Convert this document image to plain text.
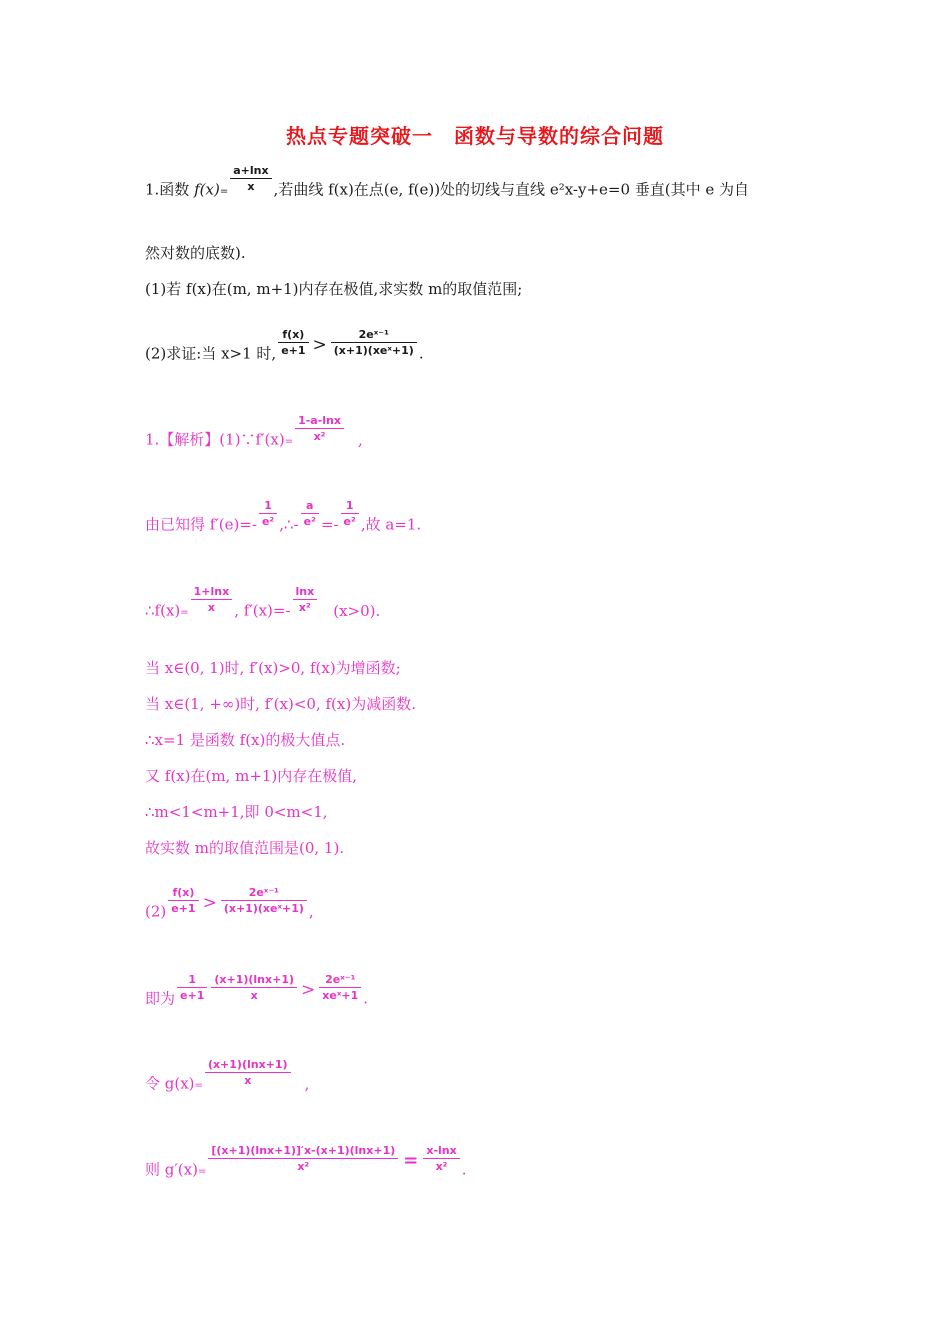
热点专题突破一　函数与导数的综合问题
1.函数 $f(x)= \frac{a+\ln x}{x}$ ,若曲线 f(x)在点(e, f(e))处的切线与直线 e²x-y+e=0 垂直(其中 e 为自
然对数的底数).
(1)若 f(x)在(m, m+1)内存在极值,求实数 m的取值范围;
(2)求证:当 x>1 时, $\frac{f(x)}{e+1} > \frac{\text{2eˣ⁻¹}}{\text{(x+1)(xeˣ+1)}}$ .
1.【解析】(1)∵f′(x)= $\frac{1-a-\ln x}{\text{x²}}$ ,
由已知得 $f'(e)=- \frac{1}{\text{e²}}$ ,∴- $\frac{a}{\text{e²}} =- \frac{1}{\text{e²}}$ ,故 a=1.
∴f(x)= $\frac{1+\ln x}{x}$ , $f'(x)=- \frac{\ln x}{\text{x²}} (x>0)$.
当 x∈(0, 1)时, f′(x)>0, f(x)为增函数;
当 x∈(1, +∞)时, f′(x)<0, f(x)为减函数.
∴x=1 是函数 f(x)的极大值点.
又 f(x)在(m, m+1)内存在极值,
∴m<1<m+1,即 0<m<1,
故实数 m的取值范围是(0, 1).
$(2) \frac{f(x)}{e+1} > \frac{\text{2eˣ⁻¹}}{\text{(x+1)(xeˣ+1)}}$ ,
即为 $\frac{1}{e+1} \frac{(x+1)(\ln x+1)}{x} > \frac{\text{2eˣ⁻¹}}{\text{xeˣ+1}}$ .
令 $g(x)= \frac{(x+1)(\ln x+1)}{x}$ ,
则 $g'(x)= \frac{[(x+1)(\ln x+1)]'x-(x+1)(\ln x+1)}{\text{x²}} = \frac{x-\ln x}{\text{x²}}$ .
